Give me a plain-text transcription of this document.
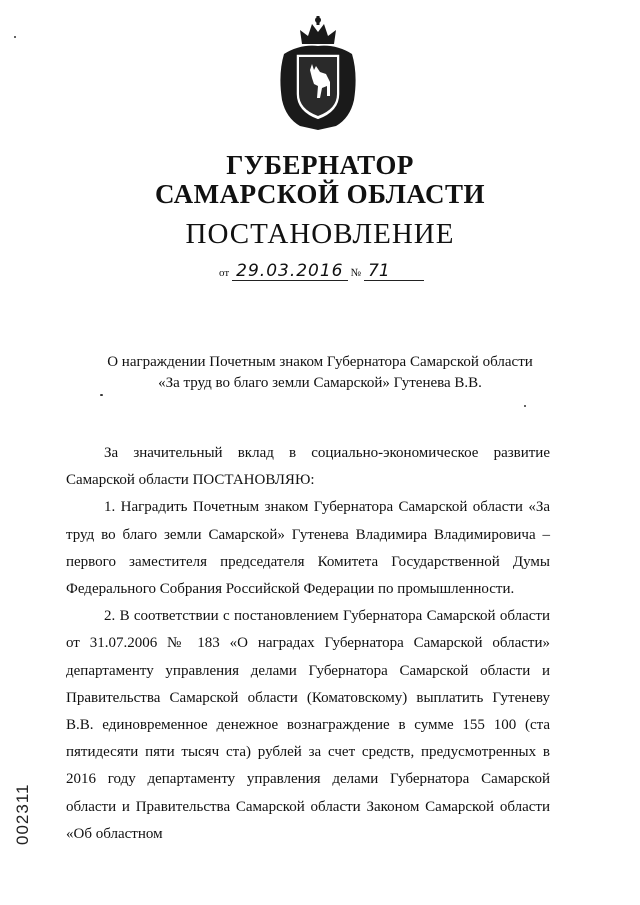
ГУБЕРНАТОР
САМАРСКОЙ ОБЛАСТИ
ПОСТАНОВЛЕНИЕ
от 29.03.2016 № 71
О награждении Почетным знаком Губернатора Самарской области
«За труд во благо земли Самарской» Гутенева В.В.

За значительный вклад в социально-экономическое развитие Самарской области ПОСТАНОВЛЯЮ:

1. Наградить Почетным знаком Губернатора Самарской области «За труд во благо земли Самарской» Гутенева Владимира Владимировича – первого заместителя председателя Комитета Государственной Думы Федерального Собрания Российской Федерации по промышленности.

2. В соответствии с постановлением Губернатора Самарской области от 31.07.2006 № 183 «О наградах Губернатора Самарской области» департаменту управления делами Губернатора Самарской области и Правительства Самарской области (Коматовскому) выплатить Гутеневу В.В. единовременное денежное вознаграждение в сумме 155 100 (ста пятидесяти пяти тысяч ста) рублей за счет средств, предусмотренных в 2016 году департаменту управления делами Губернатора Самарской области и Правительства Самарской области Законом Самарской области «Об областном

002311
